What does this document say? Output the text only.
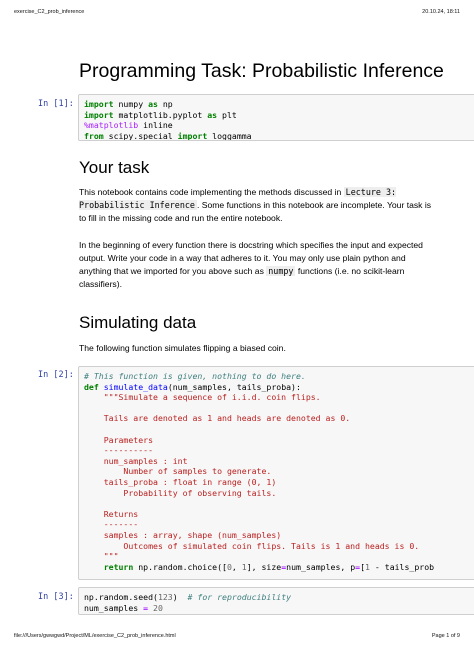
exercise_C2_prob_inference	20.10.24, 18:11
Programming Task: Probabilistic Inference
In [1]: import numpy as np
import matplotlib.pyplot as plt
%matplotlib inline
from scipy.special import loggamma
Your task

This notebook contains code implementing the methods discussed in Lecture 3: Probabilistic Inference . Some functions in this notebook are incomplete. Your task is to fill in the missing code and run the entire notebook.

In the beginning of every function there is docstring which specifies the input and expected output. Write your code in a way that adheres to it. You may only use plain python and anything that we imported for you above such as numpy functions (i.e. no scikit-learn classifiers).

Simulating data

The following function simulates flipping a biased coin.

In [2]: # This function is given, nothing to do here.
def simulate_data(num_samples, tails_proba):
"""Simulate a sequence of i.i.d. coin flips.

Tails are denoted as 1 and heads are denoted as 0.

Parameters
----------
num_samples : int
Number of samples to generate.
tails_proba : float in range (0, 1)
Probability of observing tails.

Returns
-------
samples : array, shape (num_samples)
Outcomes of simulated coin flips. Tails is 1 and heads is 0.
"""
return np.random.choice([0, 1], size=num_samples, p=[1 - tails_prob
In [3]: np.random.seed(123)  # for reproducibility
num_samples = 20
file:///Users/gwwgwd/Project/ML/exercise_C2_prob_inference.html	Page 1 of 9
